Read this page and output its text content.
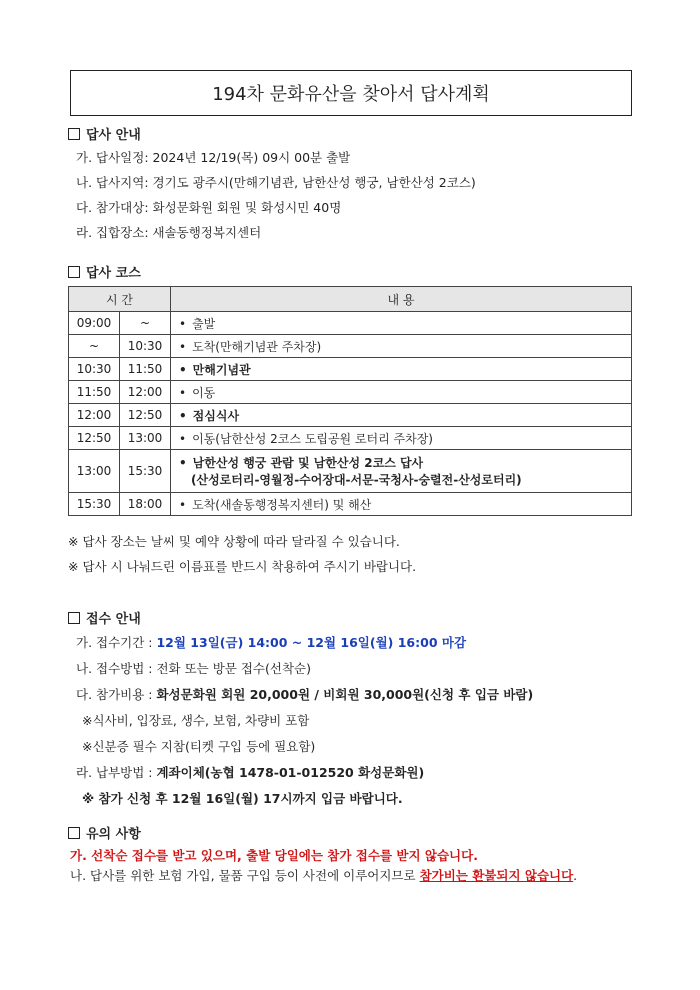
194차 문화유산을 찾아서 답사계획
답사 안내
가. 답사일정: 2024년 12/19(목) 09시 00분 출발
나. 답사지역: 경기도 광주시(만해기념관, 남한산성 행궁, 남한산성 2코스)
다. 참가대상: 화성문화원 회원 및 화성시민 40명
라. 집합장소: 새솔동행정복지센터
답사 코스
시 간		내 용
09:00	~	• 출발
~	10:30	• 도착(만해기념관 주차장)
10:30	11:50	• 만해기념관
11:50	12:00	• 이동
12:00	12:50	• 점심식사
12:50	13:00	• 이동(남한산성 2코스 도립공원 로터리 주차장)
13:00	15:30	• 남한산성 행궁 관람 및 남한산성 2코스 답사
(산성로터리-영월정-수어장대-서문-국청사-숭렬전-산성로터리)

15:30	18:00	• 도착(새솔동행정복지센터) 및 해산
※ 답사 장소는 날씨 및 예약 상황에 따라 달라질 수 있습니다.
※ 답사 시 나눠드린 이름표를 반드시 착용하여 주시기 바랍니다.
접수 안내
가. 접수기간 : 12월 13일(금) 14:00 ~ 12월 16일(월) 16:00 마감
나. 접수방법 : 전화 또는 방문 접수(선착순)
다. 참가비용 : 화성문화원 회원 20,000원 / 비회원 30,000원(신청 후 입금 바람)
※식사비, 입장료, 생수, 보험, 차량비 포함
※신분증 필수 지참(티켓 구입 등에 필요함)
라. 납부방법 : 계좌이체(농협 1478-01-012520 화성문화원)
※ 참가 신청 후 12월 16일(월) 17시까지 입금 바랍니다.
유의 사항
가. 선착순 접수를 받고 있으며, 출발 당일에는 참가 접수를 받지 않습니다.
나. 답사를 위한 보험 가입, 물품 구입 등이 사전에 이루어지므로 참가비는 환불되지 않습니다.
